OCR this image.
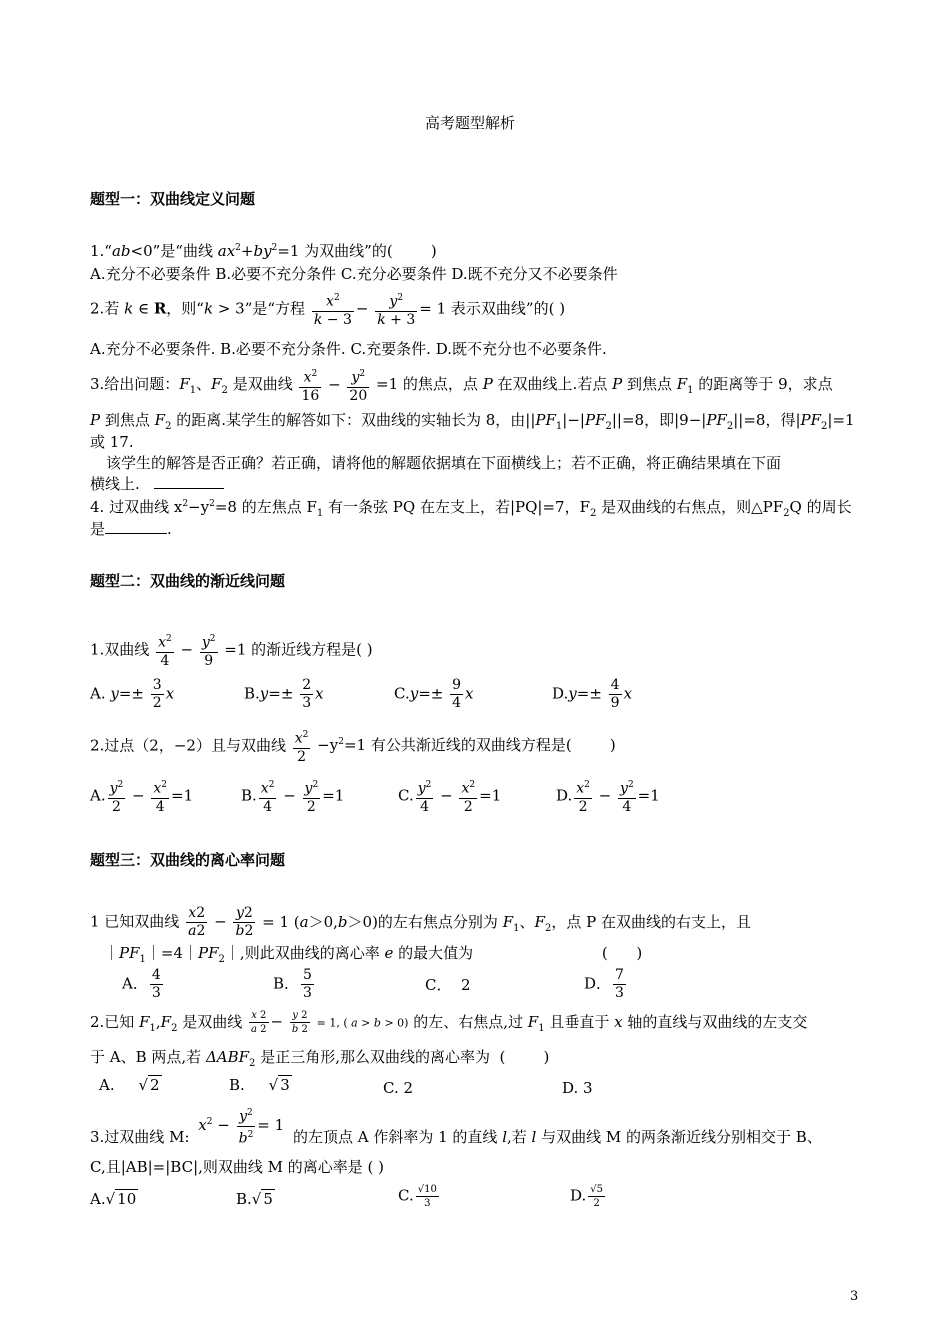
高考题型解析
题型一：双曲线定义问题
1.“ab<0”是“曲线 $ax^2+by^2=1$ 为双曲线”的(        )
A.充分不必要条件 B.必要不充分条件 C.充分必要条件 D.既不充分又不必要条件
2.若 k ∈ R，则“k > 3”是“方程 $\frac{x^2}{k - 3} - \frac{y^2}{k + 3} = 1$ 表示双曲线”的( )
A.充分不必要条件. B.必要不充分条件. C.充要条件. D.既不充分也不必要条件.
3.给出问题：$F_1$、$F_2$ 是双曲线 $\frac{x^2}{16} - \frac{y^2}{20} =1$ 的焦点，点 P 在双曲线上.若点 P 到焦点 $F_1$ 的距离等于 9，求点
P 到焦点 $F_2$ 的距离.某学生的解答如下：双曲线的实轴长为 8，由$||PF_1|-|PF_2||=8$，即$|9-|PF_2||=8$，得$|PF_2|=1$
或 17.
该学生的解答是否正确？若正确，请将他的解题依据填在下面横线上；若不正确，将正确结果填在下面
横线上.
4. 过双曲线 $x^2-y^2=8$ 的左焦点 $F_1$ 有一条弦 PQ 在左支上，若|PQ|=7，$F_2$ 是双曲线的右焦点，则$\triangle PF_2Q$ 的周长
是	.
题型二：双曲线的渐近线问题
1.双曲线 $\frac{x^2}{4} - \frac{y^2}{9} =1$ 的渐近线方程是( )
A. $y=\pm \frac{3}{2}$ x	$B.y=\pm \frac{2}{3}$ x	$C.y=\pm \frac{9}{4}$ x	$D.y=\pm \frac{4}{9}$ x
2.过点（2，−2）且与双曲线 $\frac{x^2}{2} -y^2=1$ 有公共渐近线的双曲线方程是(        )
A. $\frac{y^2}{2} - \frac{x^2}{4} =1$	B. $\frac{x^2}{4} - \frac{y^2}{2} =1$	C. $\frac{y^2}{4} - \frac{x^2}{2} =1$	D. $\frac{x^2}{2} - \frac{y^2}{4} =1$
题型三：双曲线的离心率问题
1 已知双曲线 $\frac{x2}{a2} - \frac{y2}{b2} = 1$ (a＞0,b＞0)的左右焦点分别为 $F_1$、$F_2$，点 P 在双曲线的右支上，且
$|PF_1|=4|PF_2|$,则此双曲线的离心率 e 的最大值为                           (      )
A． $\frac{4}{3}$	B． $\frac{5}{3}$	C．  2	D． $\frac{7}{3}$
2.已知 $F_1,F_2$ 是双曲线 $\frac{x 2}{a 2} - \frac{y 2}{b 2} = 1$, ( a > b > 0) 的左、右焦点,过 $F_1$ 且垂直于 x 轴的直线与双曲线的左支交
于 A、B 两点,若 $\Delta ABF_2$ 是正三角形,那么双曲线的离心率为  (        )
A.     √ 2	B.     √ 3	C. 2	D. 3
3.过双曲线 M: $x^2 - \frac{y^2}{b^2} = 1$ 的左顶点 A 作斜率为 1 的直线 l,若 l 与双曲线 M 的两条渐近线分别相交于 B、
C,且|AB|=|BC|,则双曲线 M 的离心率是 ( )
A.√ 10	B.√ 5	C. $\frac{√10}{3}$	D. $\frac{√5}{2}$
3
